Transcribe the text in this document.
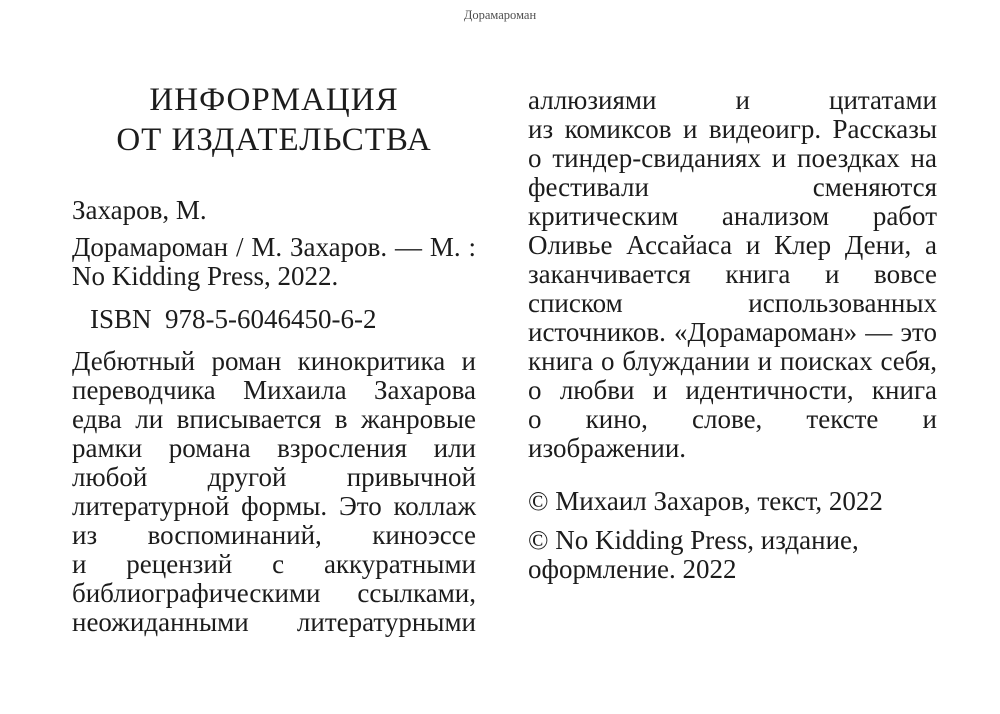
Дорамароман
ИНФОРМАЦИЯ
ОТ ИЗДАТЕЛЬСТВА

Захаров, М.

Дорамароман / М. Захаров. — М. :
No Kidding Press, 2022.

ISBN  978-5-6046450-6-2

Дебютный роман кинокритика и
переводчика Михаила Захарова
едва ли вписывается в жанровые
рамки романа взросления или
любой другой привычной
литературной формы. Это коллаж
из воспоминаний, киноэссе
и рецензий с аккуратными
библиографическими ссылками,
неожиданными литературными
аллюзиями и цитатами
из комиксов и видеоигр. Рассказы
о тиндер-свиданиях и поездках на
фестивали сменяются
критическим анализом работ
Оливье Ассайаса и Клер Дени, а
заканчивается книга и вовсе
списком использованных
источников. «Дорамароман» — это
книга о блуждании и поисках себя,
о любви и идентичности, книга
о кино, слове, тексте и
изображении.

© Михаил Захаров, текст, 2022

© No Kidding Press, издание,
оформление. 2022
